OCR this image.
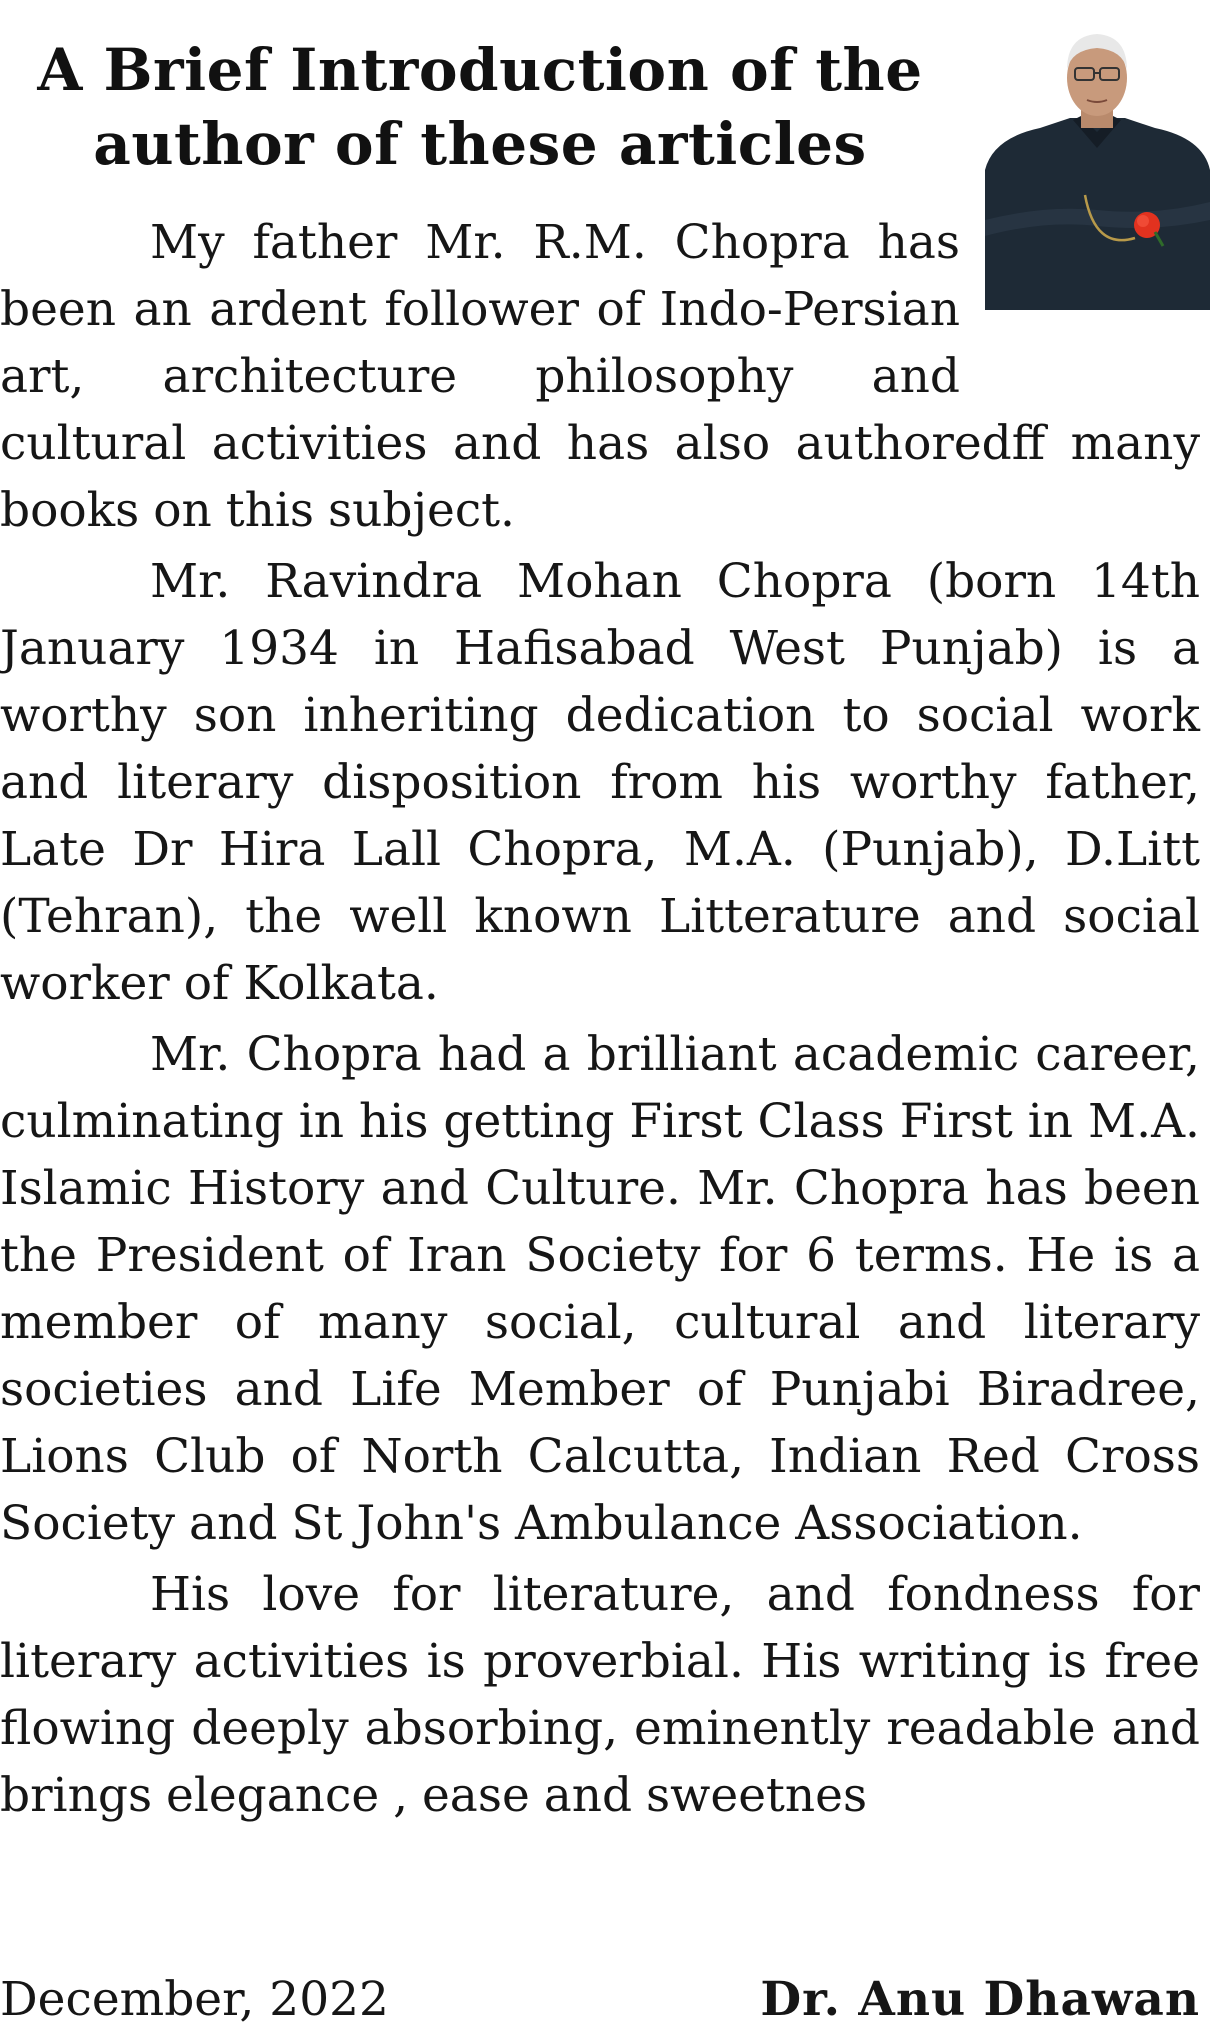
A Brief Introduction of the
author of these articles

My father Mr. R.M. Chopra has been an ardent follower of Indo-Persian art, architecture philosophy and cultural activities and has also authoredff many books on this subject.

Mr. Ravindra Mohan Chopra (born 14th January 1934 in Hafisabad West Punjab) is a worthy son inheriting dedication to social work and literary disposition from his worthy father, Late Dr Hira Lall Chopra, M.A. (Punjab), D.Litt (Tehran), the well known Litterature and social worker of Kolkata.

Mr. Chopra had a brilliant academic career, culminating in his getting First Class First in M.A. Islamic History and Culture. Mr. Chopra has been the President of Iran Society for 6 terms. He is a member of many social, cultural and literary societies and Life Member of Punjabi Biradree, Lions Club of North Calcutta, Indian Red Cross Society and St John's Ambulance Association.

His love for literature, and fondness for literary activities is proverbial. His writing is free flowing deeply absorbing, eminently readable and brings elegance , ease and sweetnes

December, 2022	Dr. Anu Dhawan
